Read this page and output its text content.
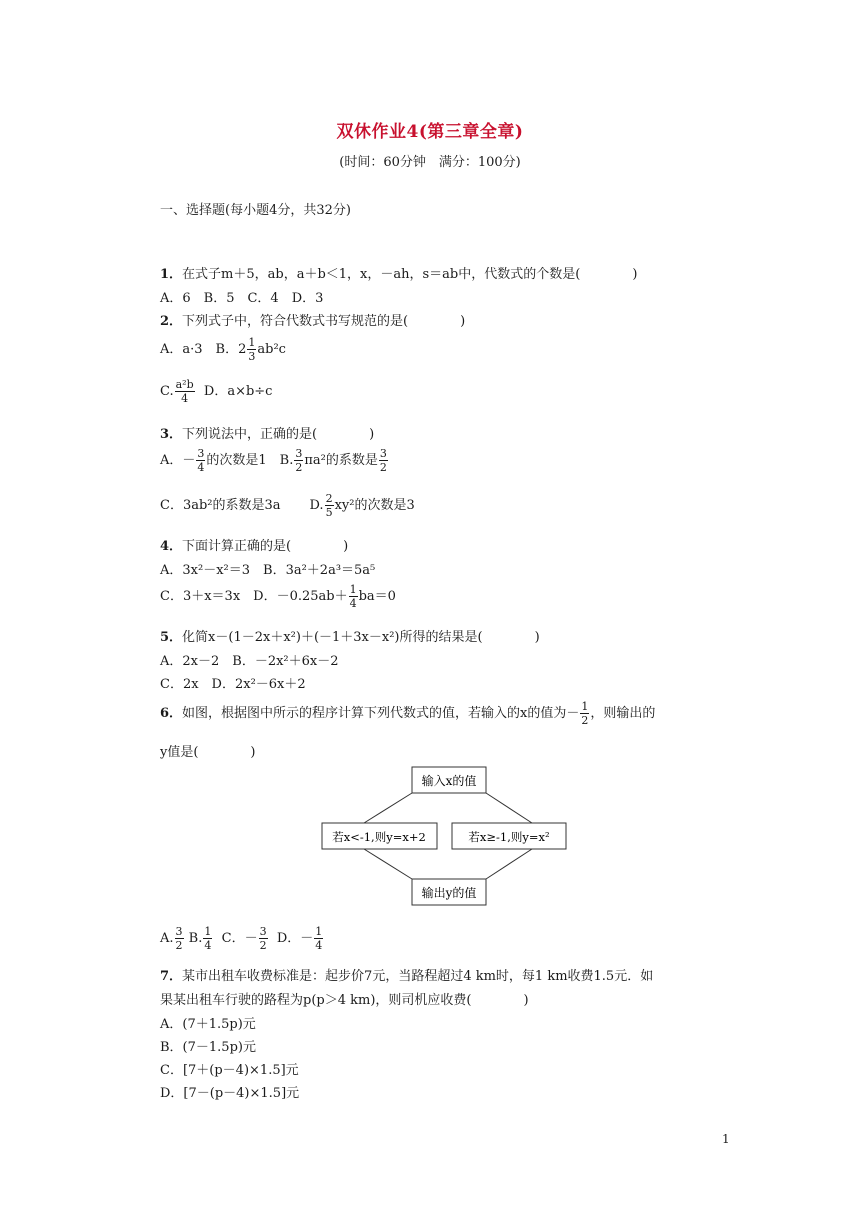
双休作业4(第三章全章)
(时间：60分钟　满分：100分)
一、选择题(每小题4分，共32分)
1．在式子m＋5，ab，a＋b＜1，x，－ah，s＝ab中，代数式的个数是(　　　　)
A．6　B．5　C．4　D．3
2．下列式子中，符合代数式书写规范的是(　　　　)
A．a·3　B．$2 \frac{1}{3} ab^2c$
C. $\frac{\text{a²b}}{4}$ D．a×b÷c
3．下列说法中，正确的是(　　　　)
A．－ $\frac{3}{4}$ 的次数是1　B. $\frac{3}{2} \pi a^2$的系数是 $\frac{3}{2}$
C．3ab²的系数是3a D. $\frac{2}{5} xy^2$的次数是3
4．下面计算正确的是(　　　　)
A．3x²－x²＝3　B．3a²＋2a³＝5a⁵
C．3＋x＝3x　D．$-0.25ab+ \frac{1}{4} ba=0$
5．化简x－(1－2x＋x²)＋(－1＋3x－x²)所得的结果是(　　　　)
A．2x－2　B．－2x²＋6x－2
C．2x　D．2x²－6x＋2
6．如图，根据图中所示的程序计算下列代数式的值，若输入的x的值为－ $\frac{1}{2}$ ，则输出的
y值是(　　　　)
输入x的值
若x<-1,则y=x+2	若x≥-1,则y=x²
输出y的值
A. $\frac{3}{2} B$. $\frac{1}{4}$ C．－ $\frac{3}{2}$ D．－ $\frac{1}{4}$
7．某市出租车收费标准是：起步价7元，当路程超过4 km时，每1 km收费1.5元．如
果某出租车行驶的路程为p(p＞4 km)，则司机应收费(　　　　)
A．(7＋1.5p)元
B．(7－1.5p)元
C．[7＋(p－4)×1.5]元
D．[7－(p－4)×1.5]元
1
